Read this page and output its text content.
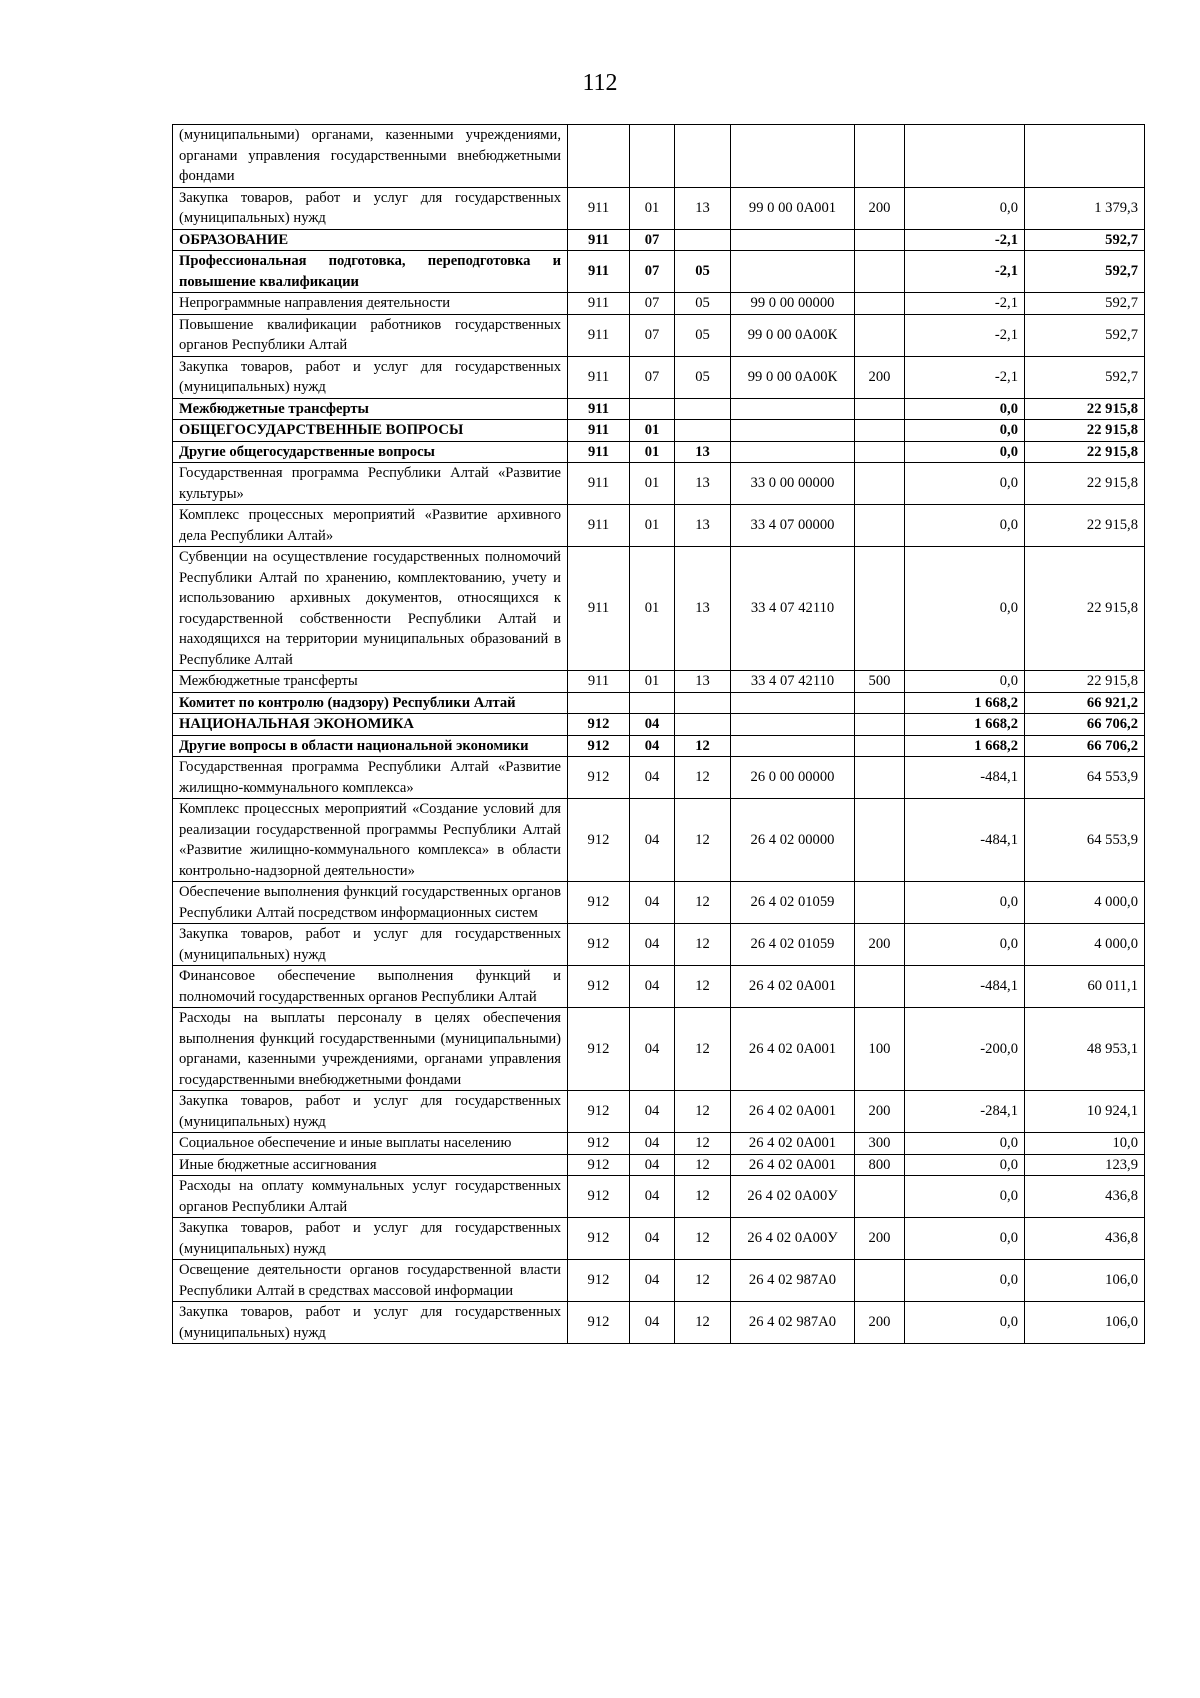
112
(муниципальными) органами, казенными учреждениями, органами управления государственными внебюджетными фондами							
Закупка товаров, работ и услуг для государственных (муниципальных) нужд	911	01	13	99 0 00 0А001	200	0,0	1 379,3
ОБРАЗОВАНИЕ	911	07				-2,1	592,7
Профессиональная подготовка, переподготовка и повышение квалификации	911	07	05			-2,1	592,7
Непрограммные направления деятельности	911	07	05	99 0 00 00000		-2,1	592,7
Повышение квалификации работников государственных органов Республики Алтай	911	07	05	99 0 00 0А00К		-2,1	592,7
Закупка товаров, работ и услуг для государственных (муниципальных) нужд	911	07	05	99 0 00 0А00К	200	-2,1	592,7
Межбюджетные трансферты	911					0,0	22 915,8
ОБЩЕГОСУДАРСТВЕННЫЕ ВОПРОСЫ	911	01				0,0	22 915,8
Другие общегосударственные вопросы	911	01	13			0,0	22 915,8
Государственная программа Республики Алтай «Развитие культуры»	911	01	13	33 0 00 00000		0,0	22 915,8
Комплекс процессных мероприятий «Развитие архивного дела Республики Алтай»	911	01	13	33 4 07 00000		0,0	22 915,8
Субвенции на осуществление государственных полномочий Республики Алтай по хранению, комплектованию, учету и использованию архивных документов, относящихся к государственной собственности Республики Алтай и находящихся на территории муниципальных образований в Республике Алтай	911	01	13	33 4 07 42110		0,0	22 915,8
Межбюджетные трансферты	911	01	13	33 4 07 42110	500	0,0	22 915,8
Комитет по контролю (надзору) Республики Алтай						1 668,2	66 921,2
НАЦИОНАЛЬНАЯ ЭКОНОМИКА	912	04				1 668,2	66 706,2
Другие вопросы в области национальной экономики	912	04	12			1 668,2	66 706,2
Государственная программа Республики Алтай «Развитие жилищно-коммунального комплекса»	912	04	12	26 0 00 00000		-484,1	64 553,9
Комплекс процессных мероприятий «Создание условий для реализации государственной программы Республики Алтай «Развитие жилищно-коммунального комплекса» в области контрольно-надзорной деятельности»	912	04	12	26 4 02 00000		-484,1	64 553,9
Обеспечение выполнения функций государственных органов Республики Алтай посредством информационных систем	912	04	12	26 4 02 01059		0,0	4 000,0
Закупка товаров, работ и услуг для государственных (муниципальных) нужд	912	04	12	26 4 02 01059	200	0,0	4 000,0
Финансовое обеспечение выполнения функций и полномочий государственных органов Республики Алтай	912	04	12	26 4 02 0А001		-484,1	60 011,1
Расходы на выплаты персоналу в целях обеспечения выполнения функций государственными (муниципальными) органами, казенными учреждениями, органами управления государственными внебюджетными фондами	912	04	12	26 4 02 0А001	100	-200,0	48 953,1
Закупка товаров, работ и услуг для государственных (муниципальных) нужд	912	04	12	26 4 02 0А001	200	-284,1	10 924,1
Социальное обеспечение и иные выплаты населению	912	04	12	26 4 02 0А001	300	0,0	10,0
Иные бюджетные ассигнования	912	04	12	26 4 02 0А001	800	0,0	123,9
Расходы на оплату коммунальных услуг государственных органов Республики Алтай	912	04	12	26 4 02 0А00У		0,0	436,8
Закупка товаров, работ и услуг для государственных (муниципальных) нужд	912	04	12	26 4 02 0А00У	200	0,0	436,8
Освещение деятельности органов государственной власти Республики Алтай в средствах массовой информации	912	04	12	26 4 02 987А0		0,0	106,0
Закупка товаров, работ и услуг для государственных (муниципальных) нужд	912	04	12	26 4 02 987А0	200	0,0	106,0
